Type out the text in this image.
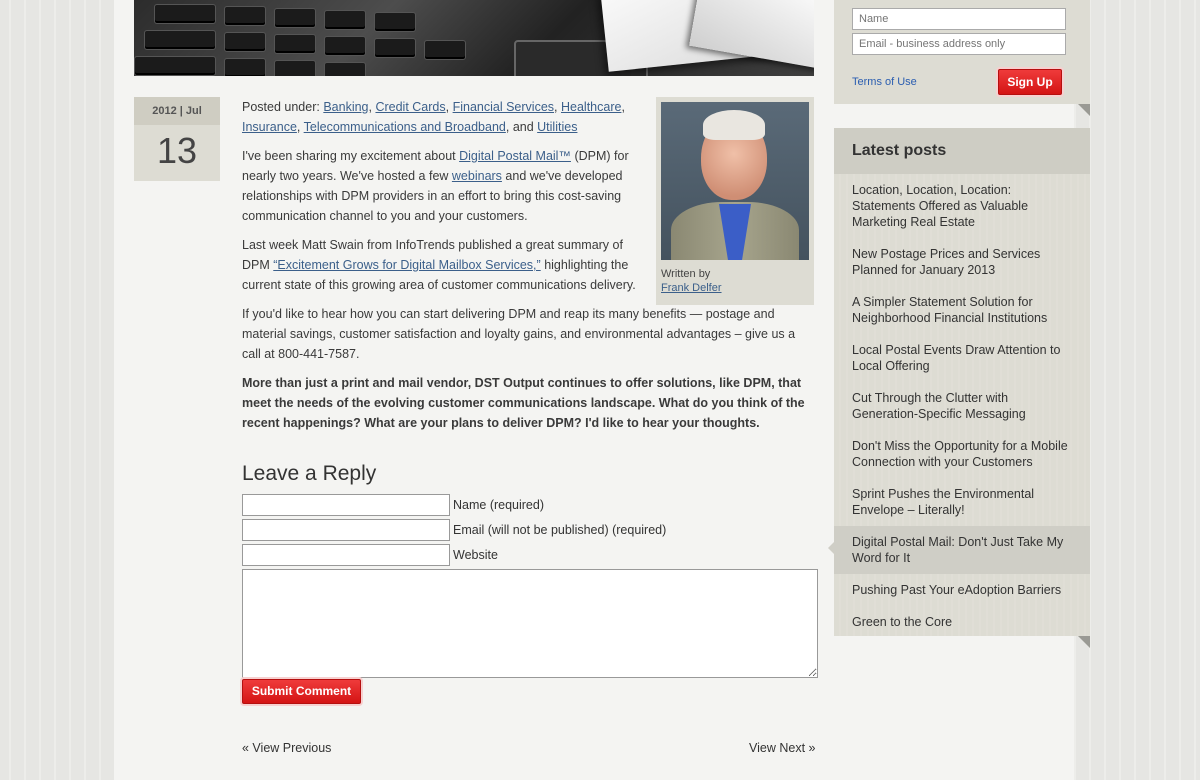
2012 | Jul
13

Posted under: Banking, Credit Cards, Financial Services, Healthcare, Insurance, Telecommunications and Broadband, and Utilities

I've been sharing my excitement about Digital Postal Mail™ (DPM) for nearly two years. We've hosted a few webinars and we've developed relationships with DPM providers in an effort to bring this cost-saving communication channel to you and your customers.

Last week Matt Swain from InfoTrends published a great summary of DPM “Excitement Grows for Digital Mailbox Services,” highlighting the current state of this growing area of customer communications delivery.

If you'd like to hear how you can start delivering DPM and reap its many benefits — postage and material savings, customer satisfaction and loyalty gains, and environmental advantages – give us a call at 800-441-7587.

More than just a print and mail vendor, DST Output continues to offer solutions, like DPM, that meet the needs of the evolving customer communications landscape. What do you think of the recent happenings? What are your plans to deliver DPM? I'd like to hear your thoughts.

Written by
Frank Delfer
Leave a Reply
Name (required)
Email (will not be published) (required)
Website
Submit Comment
« View Previous	View Next »
Name
Email - business address only
Terms of Use	Sign Up
Latest posts
Location, Location, Location: Statements Offered as Valuable Marketing Real Estate
New Postage Prices and Services Planned for January 2013
A Simpler Statement Solution for Neighborhood Financial Institutions
Local Postal Events Draw Attention to Local Offering
Cut Through the Clutter with Generation-Specific Messaging
Don't Miss the Opportunity for a Mobile Connection with your Customers
Sprint Pushes the Environmental Envelope – Literally!
Digital Postal Mail: Don't Just Take My Word for It
Pushing Past Your eAdoption Barriers
Green to the Core
